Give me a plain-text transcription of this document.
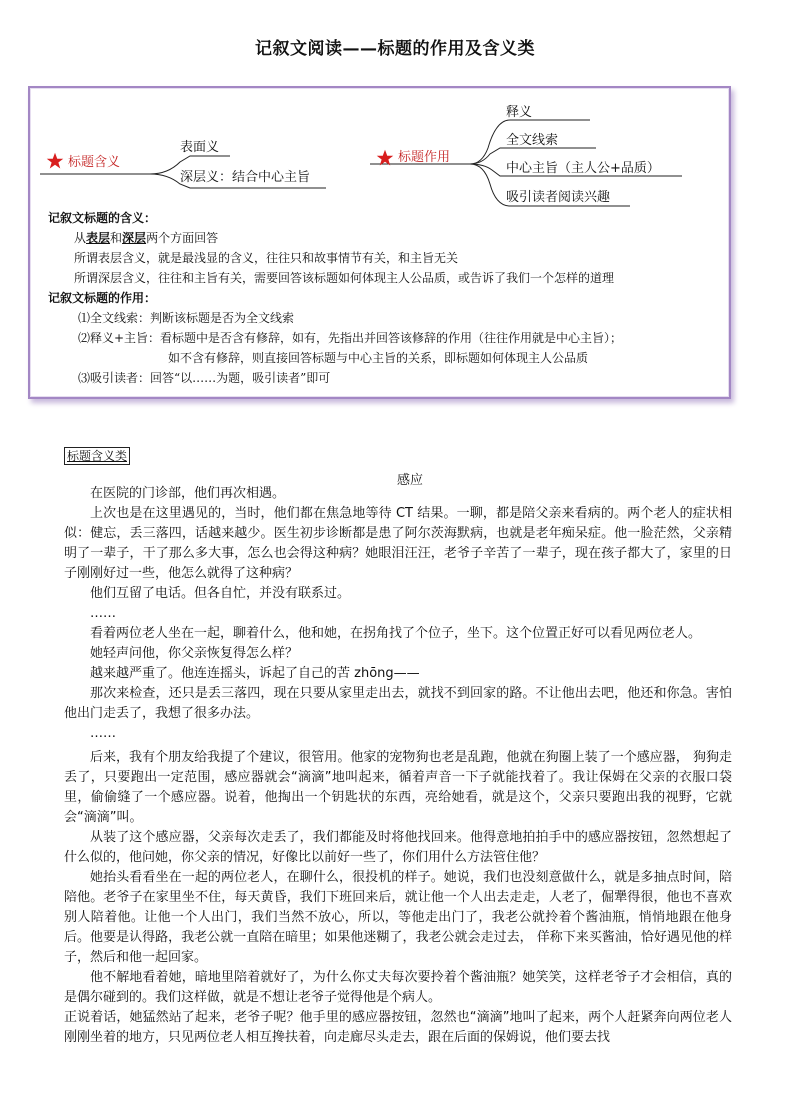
记叙文阅读——标题的作用及含义类
标题含义
表面义
深层义：结合中心主旨
标题作用
释义
全文线索
中心主旨（主人公+品质）
吸引读者阅读兴趣
记叙文标题的含义：
从表层和深层两个方面回答
所谓表层含义，就是最浅显的含义，往往只和故事情节有关，和主旨无关
所谓深层含义，往往和主旨有关，需要回答该标题如何体现主人公品质，或告诉了我们一个怎样的道理
记叙文标题的作用：
⑴全文线索：判断该标题是否为全文线索
⑵释义+主旨：看标题中是否含有修辞，如有，先指出并回答该修辞的作用（往往作用就是中心主旨）；
如不含有修辞，则直接回答标题与中心主旨的关系，即标题如何体现主人公品质
⑶吸引读者：回答“以……为题，吸引读者”即可
标题含义类
感应

在医院的门诊部，他们再次相遇。

上次也是在这里遇见的，当时，他们都在焦急地等待 CT 结果。一聊，都是陪父亲来看病的。两个老人的症状相似：健忘，丢三落四，话越来越少。医生初步诊断都是患了阿尔茨海默病，也就是老年痴呆症。他一脸茫然，父亲精明了一辈子，干了那么多大事，怎么也会得这种病？她眼泪汪汪，老爷子辛苦了一辈子，现在孩子都大了，家里的日子刚刚好过一些，他怎么就得了这种病？

他们互留了电话。但各自忙，并没有联系过。

……

看着两位老人坐在一起，聊着什么，他和她，在拐角找了个位子，坐下。这个位置正好可以看见两位老人。

她轻声问他，你父亲恢复得怎么样？

越来越严重了。他连连摇头，诉起了自己的苦 zhōng——

那次来检查，还只是丢三落四，现在只要从家里走出去，就找不到回家的路。不让他出去吧，他还和你急。害怕他出门走丢了，我想了很多办法。

……

后来，我有个朋友给我提了个建议，很管用。他家的宠物狗也老是乱跑，他就在狗圈上装了一个感应器， 狗狗走丢了，只要跑出一定范围，感应器就会“滴滴”地叫起来，循着声音一下子就能找着了。我让保姆在父亲的衣服口袋里，偷偷缝了一个感应器。说着，他掏出一个钥匙状的东西，亮给她看，就是这个，父亲只要跑出我的视野，它就会“滴滴”叫。

从装了这个感应器，父亲每次走丢了，我们都能及时将他找回来。他得意地拍拍手中的感应器按钮，忽然想起了什么似的，他问她，你父亲的情况，好像比以前好一些了，你们用什么方法管住他？

她抬头看看坐在一起的两位老人，在聊什么，很投机的样子。她说，我们也没刻意做什么，就是多抽点时间，陪陪他。老爷子在家里坐不住，每天黄昏，我们下班回来后，就让他一个人出去走走，人老了，倔犟得很，他也不喜欢别人陪着他。让他一个人出门，我们当然不放心，所以，等他走出门了，我老公就拎着个酱油瓶，悄悄地跟在他身后。他要是认得路，我老公就一直陪在暗里；如果他迷糊了，我老公就会走过去， 佯称下来买酱油，恰好遇见他的样子，然后和他一起回家。

他不解地看着她，暗地里陪着就好了，为什么你丈夫每次要拎着个酱油瓶？她笑笑，这样老爷子才会相信，真的是偶尔碰到的。我们这样做，就是不想让老爷子觉得他是个病人。

正说着话，她猛然站了起来，老爷子呢？他手里的感应器按钮，忽然也“滴滴”地叫了起来，两个人赶紧奔向两位老人刚刚坐着的地方，只见两位老人相互搀扶着，向走廊尽头走去，跟在后面的保姆说，他们要去找
